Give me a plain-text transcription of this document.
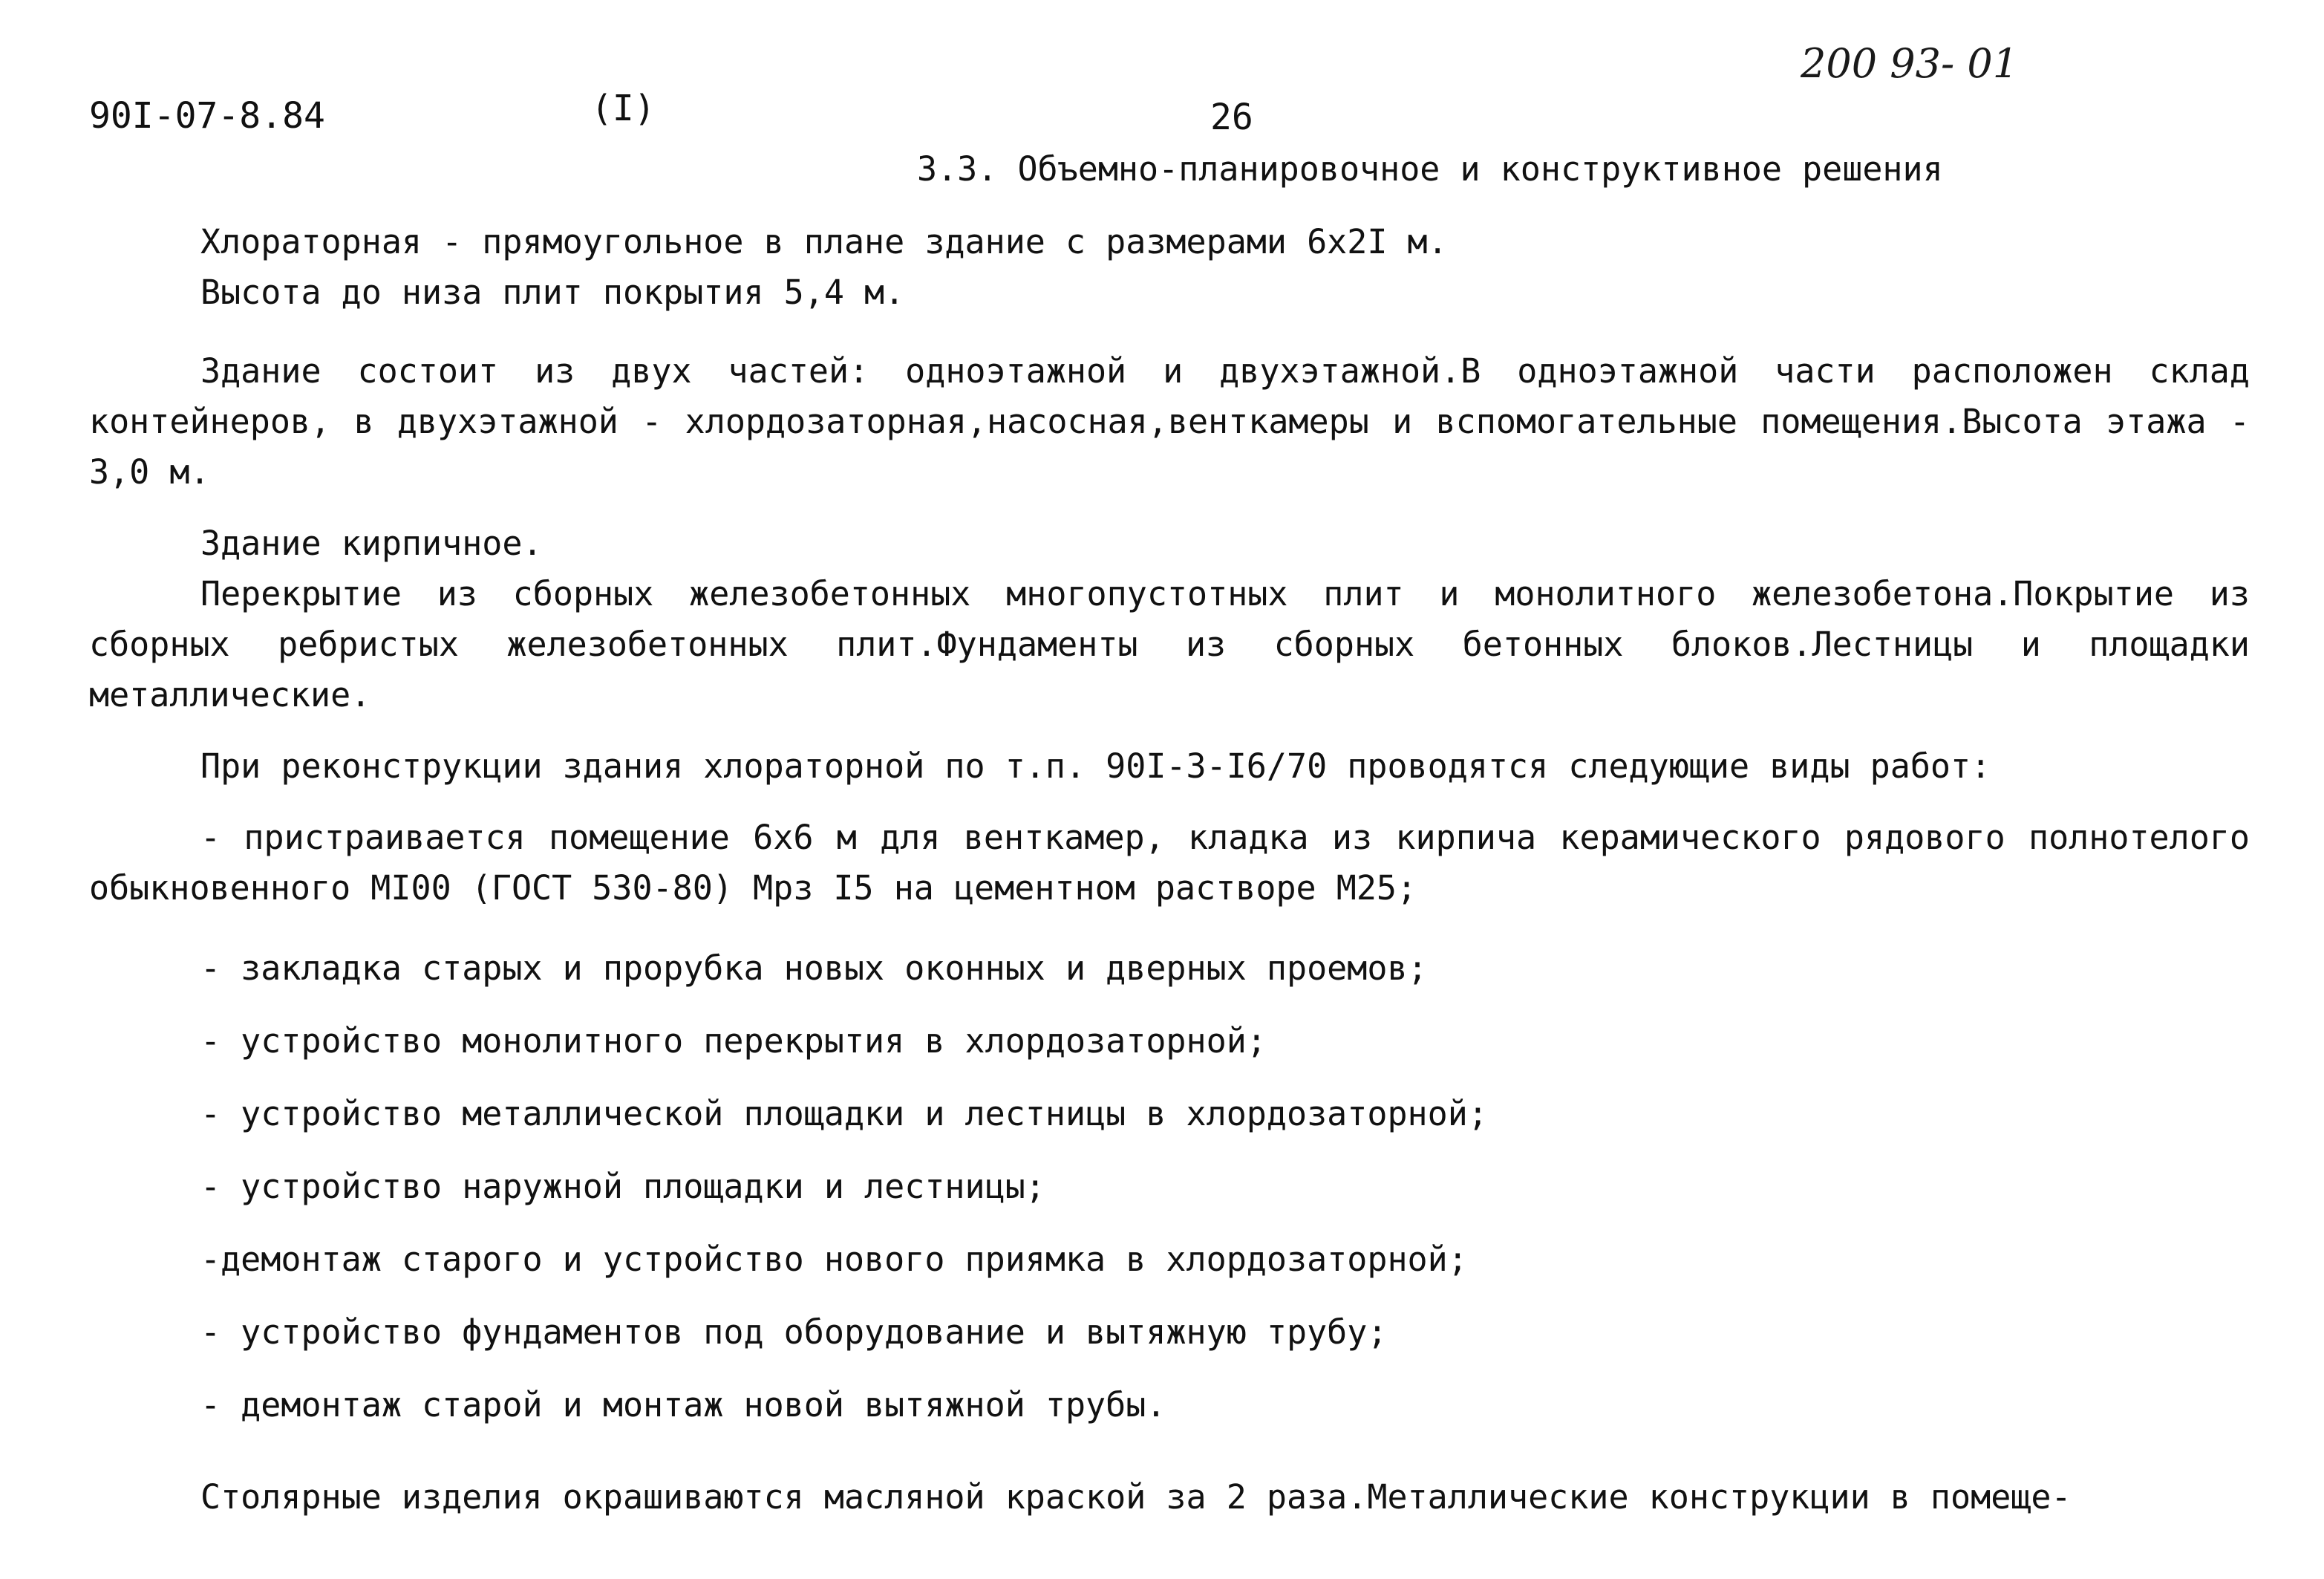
90I-07-8.84	(I)	26
200 93- 01
3.3. Объемно-планировочное и конструктивное решения

Хлораторная - прямоугольное в плане здание с размерами 6х2I м.

Высота до низа плит покрытия 5,4 м.

Здание состоит из двух частей: одноэтажной и двухэтажной.В одноэтажной части расположен склад контейнеров, в двухэтажной - хлордозаторная,насосная,венткамеры и вспомогательные помещения.Высота этажа - 3,0 м.

Здание кирпичное.

Перекрытие из сборных железобетонных многопустотных плит и монолитного железобетона.Покрытие из сборных ребристых железобетонных плит.Фундаменты из сборных бетонных блоков.Лестницы и площадки металлические.

При реконструкции здания хлораторной по т.п. 90I-3-I6/70 проводятся следующие виды работ:

- пристраивается помещение 6х6 м для венткамер, кладка из кирпича керамического рядового полнотелого обыкновенного МI00 (ГОСТ 530-80) Мрз I5 на цементном растворе М25;

- закладка старых и прорубка новых оконных и дверных проемов;

- устройство монолитного перекрытия в хлордозаторной;

- устройство металлической площадки и лестницы в хлордозаторной;

- устройство наружной площадки и лестницы;

-демонтаж старого и устройство нового приямка в хлордозаторной;

- устройство фундаментов под оборудование и вытяжную трубу;

- демонтаж старой и монтаж новой вытяжной трубы.

Столярные изделия окрашиваются масляной краской за 2 раза.Металлические конструкции в помеще-
